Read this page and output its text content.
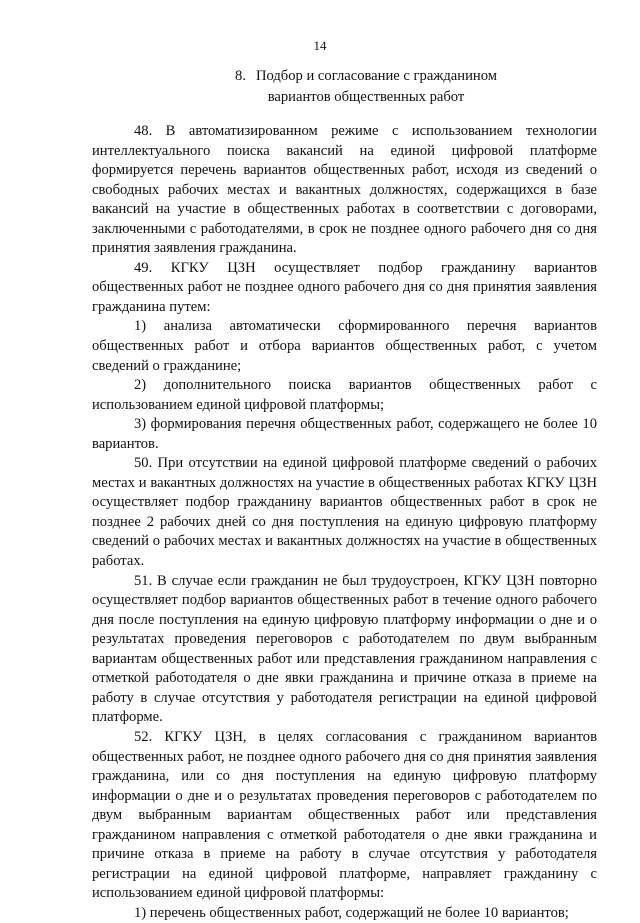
14
8. Подбор и согласование с гражданином
вариантов общественных работ

48. В автоматизированном режиме с использованием технологии интеллектуального поиска вакансий на единой цифровой платформе формируется перечень вариантов общественных работ, исходя из сведений о свободных рабочих местах и вакантных должностях, содержащихся в базе вакансий на участие в общественных работах в соответствии с договорами, заключенными с работодателями, в срок не позднее одного рабочего дня со дня принятия заявления гражданина.

49. КГКУ ЦЗН осуществляет подбор гражданину вариантов общественных работ не позднее одного рабочего дня со дня принятия заявления гражданина путем:

1) анализа автоматически сформированного перечня вариантов общественных работ и отбора вариантов общественных работ, с учетом сведений о гражданине;

2) дополнительного поиска вариантов общественных работ с использованием единой цифровой платформы;

3) формирования перечня общественных работ, содержащего не более 10 вариантов.

50. При отсутствии на единой цифровой платформе сведений о рабочих местах и вакантных должностях на участие в общественных работах КГКУ ЦЗН осуществляет подбор гражданину вариантов общественных работ в срок не позднее 2 рабочих дней со дня поступления на единую цифровую платформу сведений о рабочих местах и вакантных должностях на участие в общественных работах.

51. В случае если гражданин не был трудоустроен, КГКУ ЦЗН повторно осуществляет подбор вариантов общественных работ в течение одного рабочего дня после поступления на единую цифровую платформу информации о дне и о результатах проведения переговоров с работодателем по двум выбранным вариантам общественных работ или представления гражданином направления с отметкой работодателя о дне явки гражданина и причине отказа в приеме на работу в случае отсутствия у работодателя регистрации на единой цифровой платформе.

52. КГКУ ЦЗН, в целях согласования с гражданином вариантов общественных работ, не позднее одного рабочего дня со дня принятия заявления гражданина, или со дня поступления на единую цифровую платформу информации о дне и о результатах проведения переговоров с работодателем по двум выбранным вариантам общественных работ или представления гражданином направления с отметкой работодателя о дне явки гражданина и причине отказа в приеме на работу в случае отсутствия у работодателя регистрации на единой цифровой платформе, направляет гражданину с использованием единой цифровой платформы:

1) перечень общественных работ, содержащий не более 10 вариантов;
